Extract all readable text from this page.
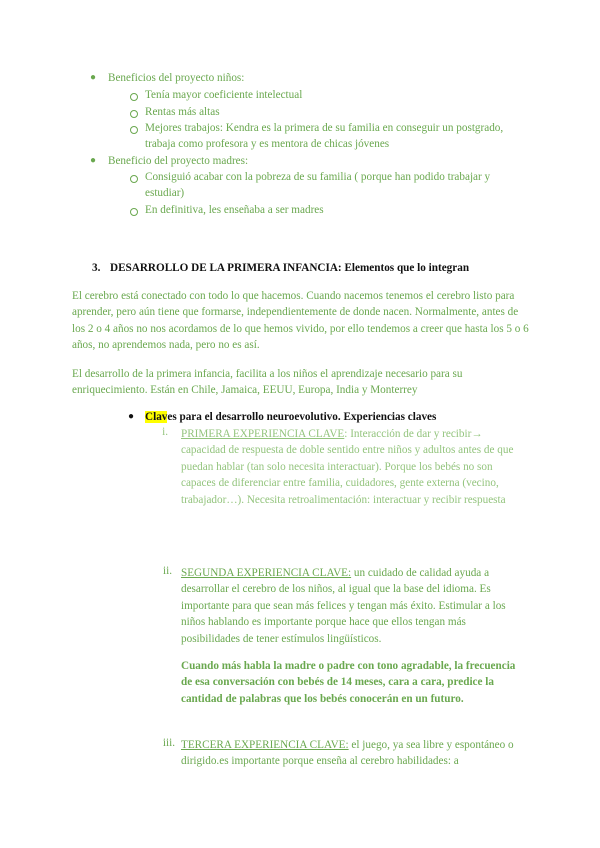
● Beneficios del proyecto niños:
Tenía mayor coeficiente intelectual
Rentas más altas
Mejores trabajos: Kendra es la primera de su familia en conseguir un postgrado, trabaja como profesora y es mentora de chicas jóvenes
● Beneficio del proyecto madres:
Consiguió acabar con la pobreza de su familia ( porque han podido trabajar y estudiar)
En definitiva, les enseñaba a ser madres
3. DESARROLLO DE LA PRIMERA INFANCIA: Elementos que lo integran
El cerebro está conectado con todo lo que hacemos. Cuando nacemos tenemos el cerebro listo para aprender, pero aún tiene que formarse, independientemente de donde nacen. Normalmente, antes de los 2 o 4 años no nos acordamos de lo que hemos vivido, por ello tendemos a creer que hasta los 5 o 6 años, no aprendemos nada, pero no es así.
El desarrollo de la primera infancia, facilita a los niños el aprendizaje necesario para su enriquecimiento. Están en Chile, Jamaica, EEUU, Europa, India y Monterrey
● Claves para el desarrollo neuroevolutivo. Experiencias claves
i. PRIMERA EXPERIENCIA CLAVE: Interacción de dar y recibir→ capacidad de respuesta de doble sentido entre niños y adultos antes de que puedan hablar (tan solo necesita interactuar). Porque los bebés no son capaces de diferenciar entre familia, cuidadores, gente externa (vecino, trabajador…). Necesita retroalimentación: interactuar y recibir respuesta
ii. SEGUNDA EXPERIENCIA CLAVE: un cuidado de calidad ayuda a desarrollar el cerebro de los niños, al igual que la base del idioma. Es importante para que sean más felices y tengan más éxito. Estimular a los niños hablando es importante porque hace que ellos tengan más posibilidades de tener estímulos lingüísticos.
Cuando más habla la madre o padre con tono agradable, la frecuencia de esa conversación con bebés de 14 meses, cara a cara, predice la cantidad de palabras que los bebés conocerán en un futuro.
iii. TERCERA EXPERIENCIA CLAVE: el juego, ya sea libre y espontáneo o dirigido.es importante porque enseña al cerebro habilidades: a
